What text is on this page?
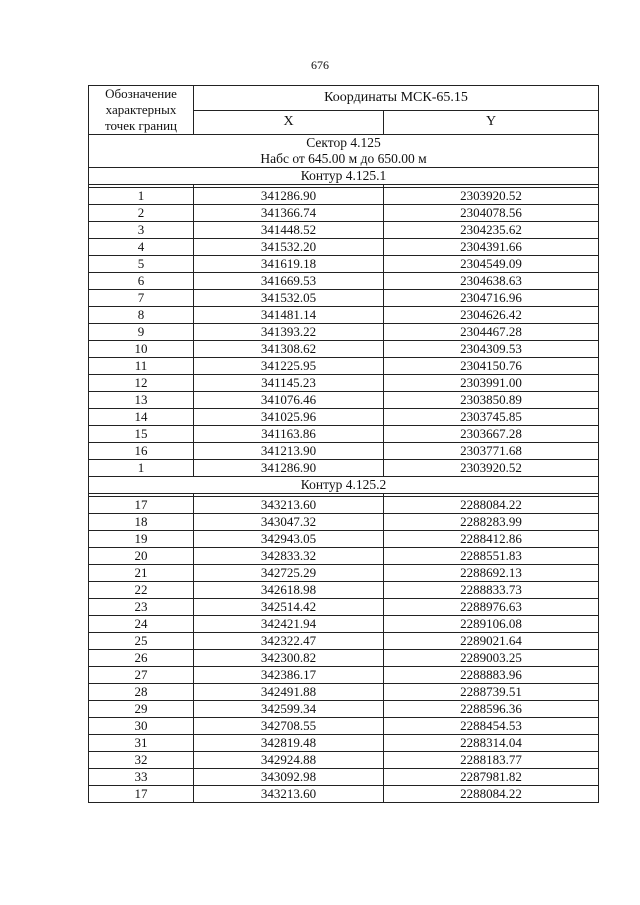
676
Обозначение характерных точек границ	Координаты МСК-65.15	
	X	Y

Сектор 4.125
Набс от 645.00 м до 650.00 м		

Контур 4.125.1		

1	341286.90	2303920.52
2	341366.74	2304078.56
3	341448.52	2304235.62
4	341532.20	2304391.66
5	341619.18	2304549.09
6	341669.53	2304638.63
7	341532.05	2304716.96
8	341481.14	2304626.42
9	341393.22	2304467.28
10	341308.62	2304309.53
11	341225.95	2304150.76
12	341145.23	2303991.00
13	341076.46	2303850.89
14	341025.96	2303745.85
15	341163.86	2303667.28
16	341213.90	2303771.68
1	341286.90	2303920.52
Контур 4.125.2		

17	343213.60	2288084.22
18	343047.32	2288283.99
19	342943.05	2288412.86
20	342833.32	2288551.83
21	342725.29	2288692.13
22	342618.98	2288833.73
23	342514.42	2288976.63
24	342421.94	2289106.08
25	342322.47	2289021.64
26	342300.82	2289003.25
27	342386.17	2288883.96
28	342491.88	2288739.51
29	342599.34	2288596.36
30	342708.55	2288454.53
31	342819.48	2288314.04
32	342924.88	2288183.77
33	343092.98	2287981.82
17	343213.60	2288084.22
